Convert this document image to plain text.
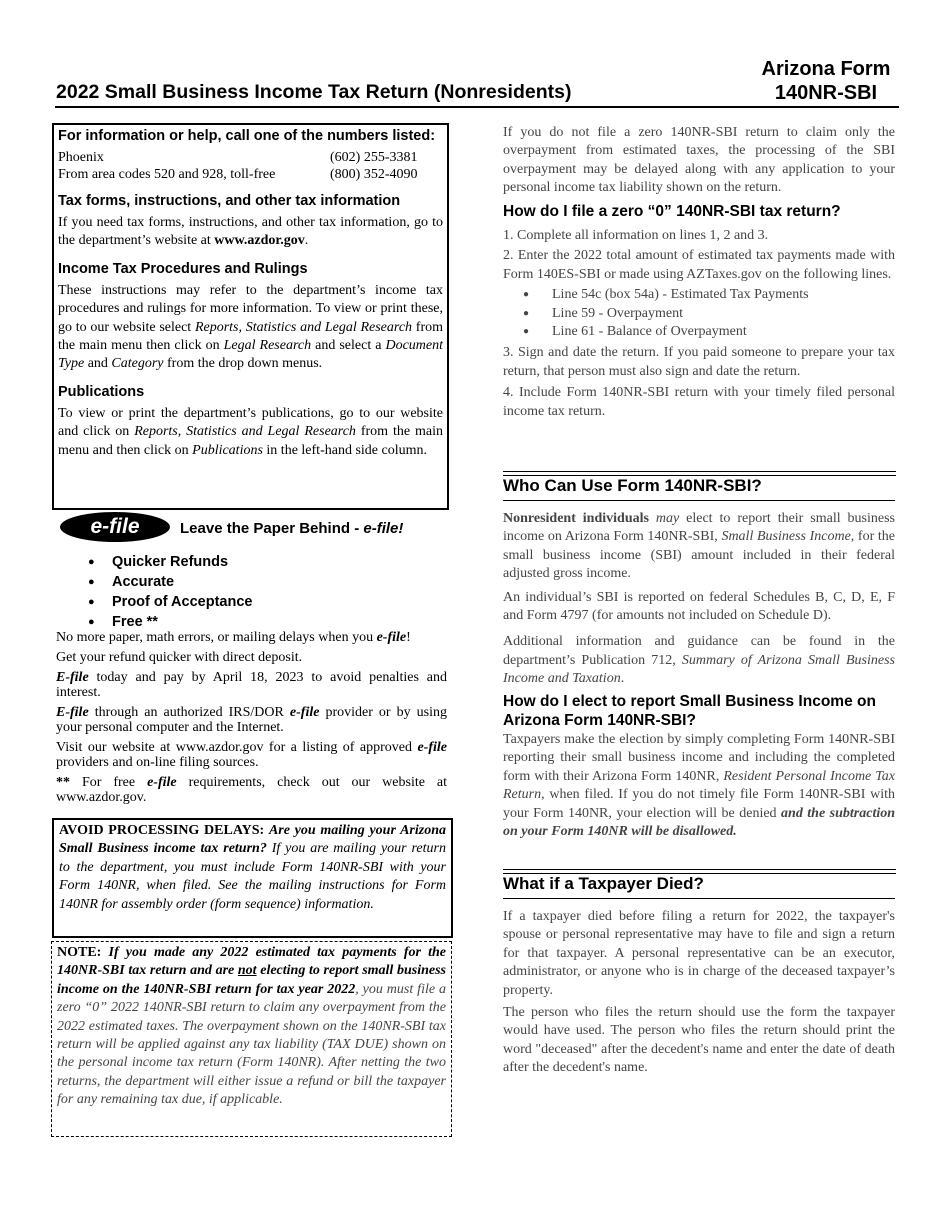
2022 Small Business Income Tax Return (Nonresidents)
Arizona Form
140NR-SBI

For information or help, call one of the numbers listed:

Phoenix	(602) 255-3381
From area codes 520 and 928, toll-free	(800) 352-4090

Tax forms, instructions, and other tax information

If you need tax forms, instructions, and other tax information, go to the department’s website at www.azdor.gov.

Income Tax Procedures and Rulings

These instructions may refer to the department’s income tax procedures and rulings for more information. To view or print these, go to our website select Reports, Statistics and Legal Research from the main menu then click on Legal Research and select a Document Type and Category from the drop down menus.

Publications

To view or print the department’s publications, go to our website and click on Reports, Statistics and Legal Research from the main menu and then click on Publications in the left-hand side column.

e-file	Leave the Paper Behind - e-file!
● Quicker Refunds
● Accurate
● Proof of Acceptance
● Free **

No more paper, math errors, or mailing delays when you e-file!

Get your refund quicker with direct deposit.

E-file today and pay by April 18, 2023 to avoid penalties and interest.

E-file through an authorized IRS/DOR e-file provider or by using your personal computer and the Internet.

Visit our website at www.azdor.gov for a listing of approved e-file providers and on-line filing sources.

** For free e-file requirements, check out our website at www.azdor.gov.

AVOID PROCESSING DELAYS: Are you mailing your Arizona Small Business income tax return? If you are mailing your return to the department, you must include Form 140NR-SBI with your Form 140NR, when filed. See the mailing instructions for Form 140NR for assembly order (form sequence) information.
NOTE: If you made any 2022 estimated tax payments for the 140NR-SBI tax return and are not electing to report small business income on the 140NR-SBI return for tax year 2022, you must file a zero “0” 2022 140NR-SBI return to claim any overpayment from the 2022 estimated taxes. The overpayment shown on the 140NR-SBI tax return will be applied against any tax liability (TAX DUE) shown on the personal income tax return (Form 140NR). After netting the two returns, the department will either issue a refund or bill the taxpayer for any remaining tax due, if applicable.
If you do not file a zero 140NR-SBI return to claim only the overpayment from estimated taxes, the processing of the SBI overpayment may be delayed along with any application to your personal income tax liability shown on the return.

How do I file a zero “0” 140NR-SBI tax return?

1. Complete all information on lines 1, 2 and 3.

2. Enter the 2022 total amount of estimated tax payments made with Form 140ES-SBI or made using AZTaxes.gov on the following lines.

● Line 54c (box 54a) - Estimated Tax Payments
● Line 59 - Overpayment
● Line 61 - Balance of Overpayment

3. Sign and date the return. If you paid someone to prepare your tax return, that person must also sign and date the return.

4. Include Form 140NR-SBI return with your timely filed personal income tax return.

Who Can Use Form 140NR-SBI?

Nonresident individuals may elect to report their small business income on Arizona Form 140NR-SBI, Small Business Income, for the small business income (SBI) amount included in their federal adjusted gross income.

An individual’s SBI is reported on federal Schedules B, C, D, E, F and Form 4797 (for amounts not included on Schedule D).

Additional information and guidance can be found in the department’s Publication 712, Summary of Arizona Small Business Income and Taxation.

How do I elect to report Small Business Income on Arizona Form 140NR-SBI?

Taxpayers make the election by simply completing Form 140NR-SBI reporting their small business income and including the completed form with their Arizona Form 140NR, Resident Personal Income Tax Return, when filed. If you do not timely file Form 140NR-SBI with your Form 140NR, your election will be denied and the subtraction on your Form 140NR will be disallowed.

What if a Taxpayer Died?

If a taxpayer died before filing a return for 2022, the taxpayer's spouse or personal representative may have to file and sign a return for that taxpayer. A personal representative can be an executor, administrator, or anyone who is in charge of the deceased taxpayer’s property.

The person who files the return should use the form the taxpayer would have used. The person who files the return should print the word "deceased" after the decedent's name and enter the date of death after the decedent's name.
